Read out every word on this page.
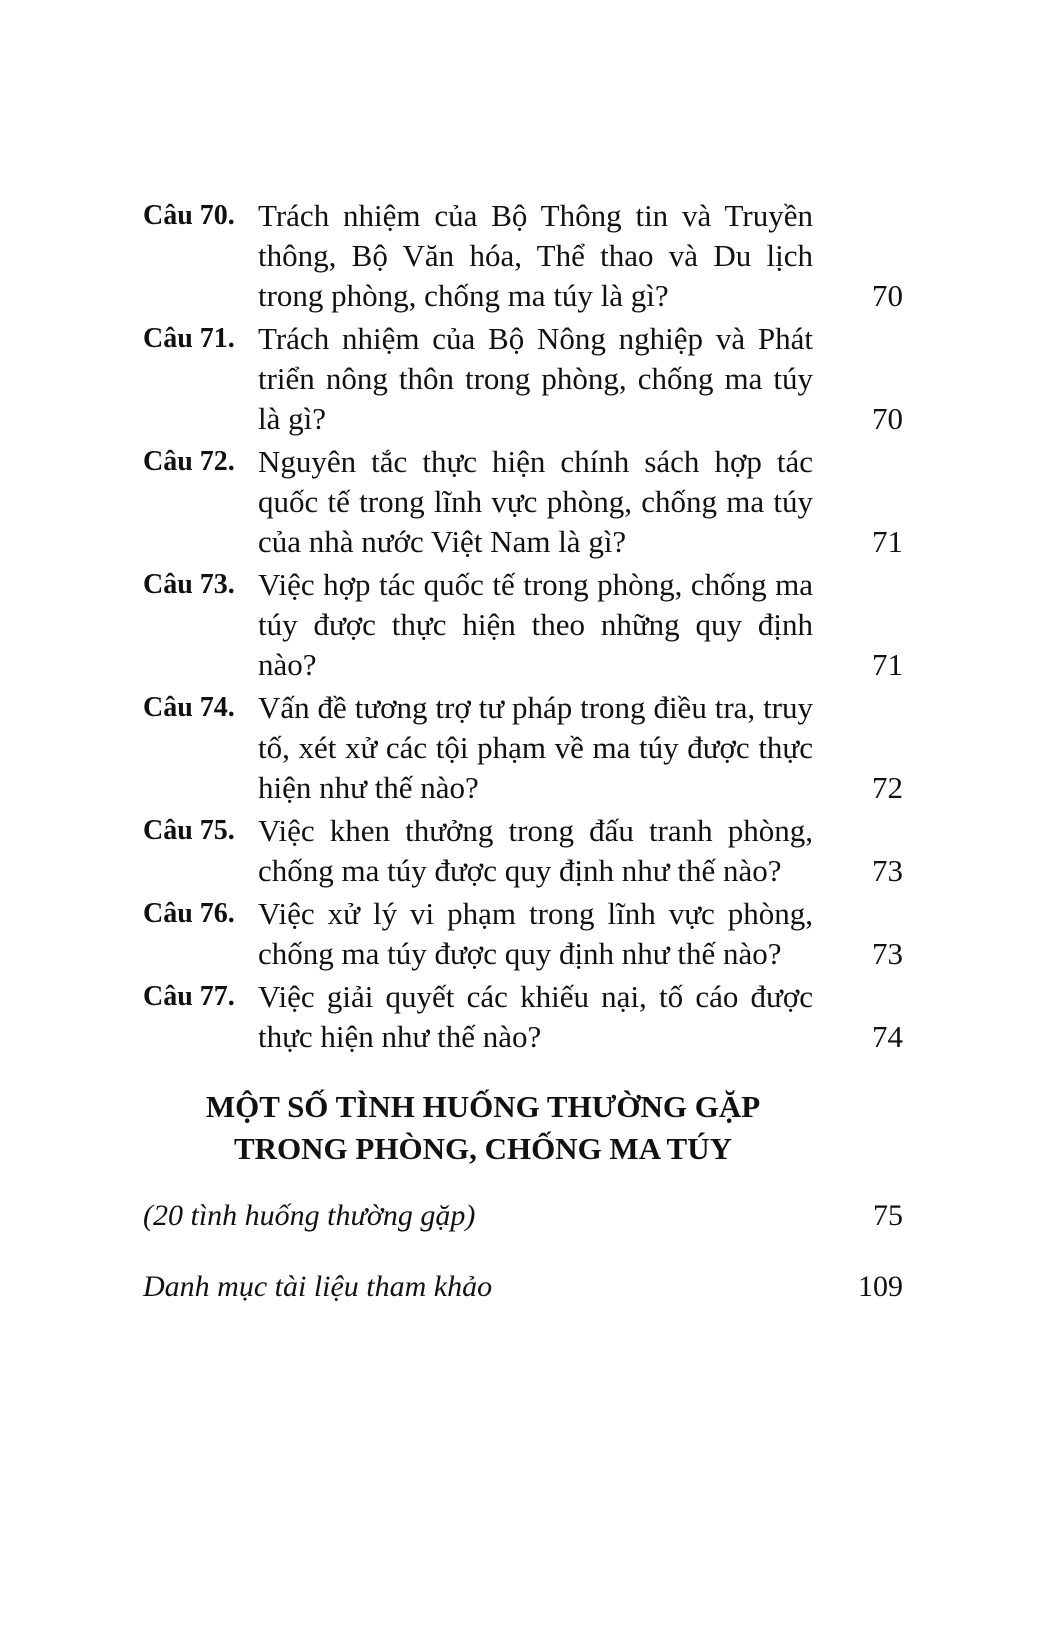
Câu 70. Trách nhiệm của Bộ Thông tin và Truyền thông, Bộ Văn hóa, Thể thao và Du lịch trong phòng, chống ma túy là gì?	70
Câu 71. Trách nhiệm của Bộ Nông nghiệp và Phát triển nông thôn trong phòng, chống ma túy là gì?	70
Câu 72. Nguyên tắc thực hiện chính sách hợp tác quốc tế trong lĩnh vực phòng, chống ma túy của nhà nước Việt Nam là gì?	71
Câu 73. Việc hợp tác quốc tế trong phòng, chống ma túy được thực hiện theo những quy định nào?	71
Câu 74. Vấn đề tương trợ tư pháp trong điều tra, truy tố, xét xử các tội phạm về ma túy được thực hiện như thế nào?	72
Câu 75. Việc khen thưởng trong đấu tranh phòng, chống ma túy được quy định như thế nào?	73
Câu 76. Việc xử lý vi phạm trong lĩnh vực phòng, chống ma túy được quy định như thế nào?	73
Câu 77. Việc giải quyết các khiếu nại, tố cáo được thực hiện như thế nào?	74
MỘT SỐ TÌNH HUỐNG THƯỜNG GẶP
TRONG PHÒNG, CHỐNG MA TÚY
(20 tình huống thường gặp)	75
Danh mục tài liệu tham khảo	109
